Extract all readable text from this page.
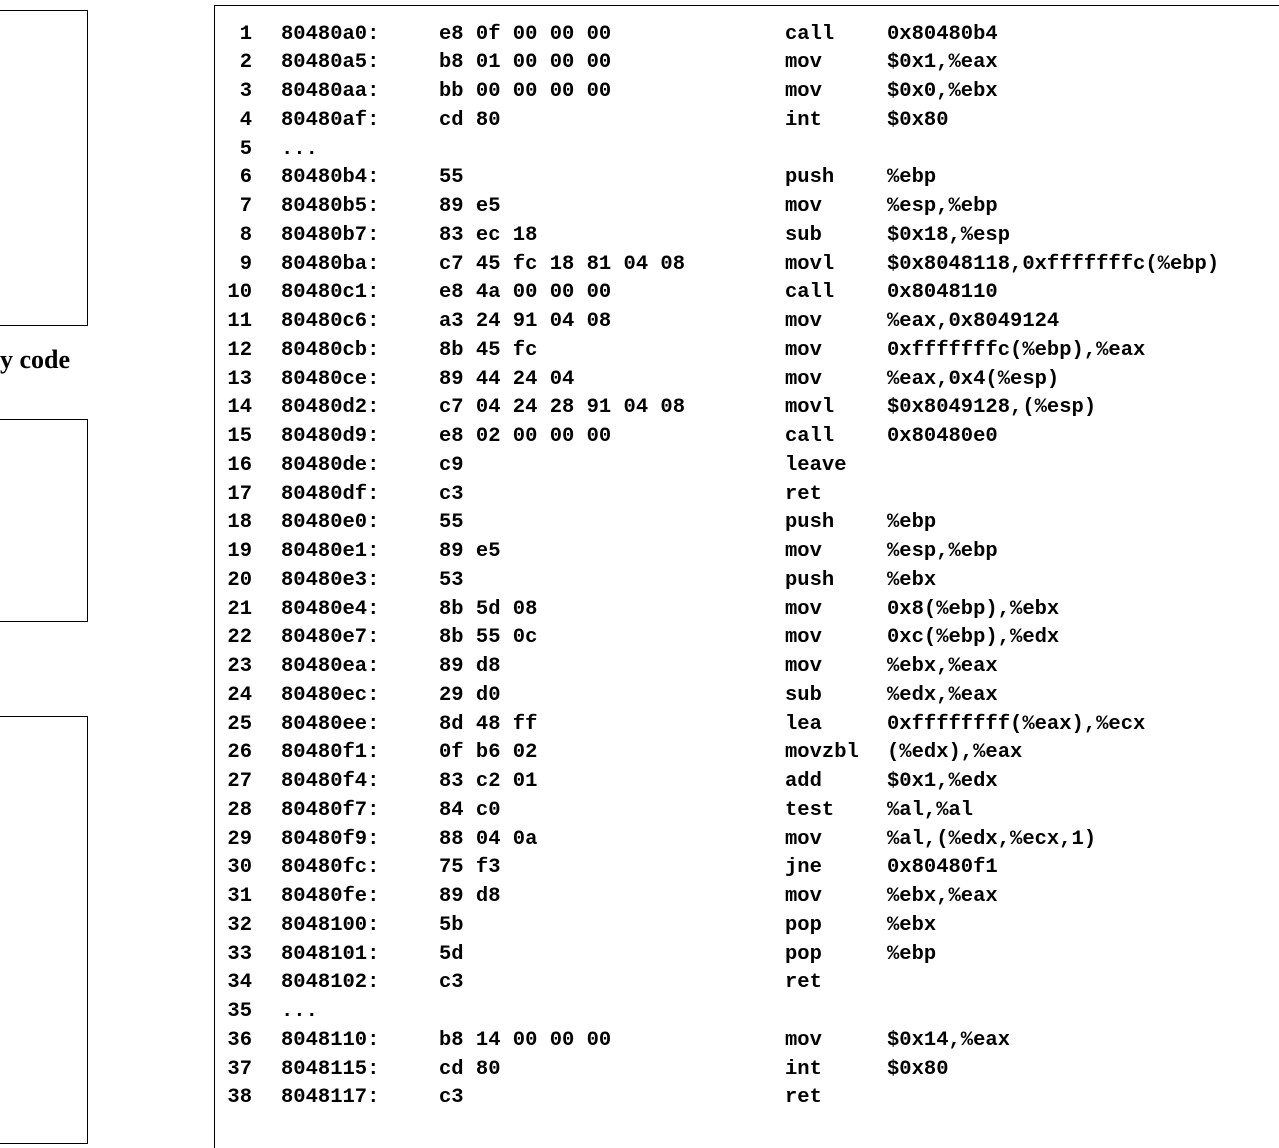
y code
1 80480a0:	e8 0f 00 00 00	call	0x80480b4
2 80480a5:	b8 01 00 00 00	mov	$0x1,%eax
3 80480aa:	bb 00 00 00 00	mov	$0x0,%ebx
4 80480af:	cd 80	int	$0x80
5 ...
6 80480b4:	55	push	%ebp
7 80480b5:	89 e5	mov	%esp,%ebp
8 80480b7:	83 ec 18	sub	$0x18,%esp
9 80480ba:	c7 45 fc 18 81 04 08	movl	$0x8048118,0xfffffffc(%ebp)
10 80480c1:	e8 4a 00 00 00	call	0x8048110
11 80480c6:	a3 24 91 04 08	mov	%eax,0x8049124
12 80480cb:	8b 45 fc	mov	0xfffffffc(%ebp),%eax
13 80480ce:	89 44 24 04	mov	%eax,0x4(%esp)
14 80480d2:	c7 04 24 28 91 04 08	movl	$0x8049128,(%esp)
15 80480d9:	e8 02 00 00 00	call	0x80480e0
16 80480de:	c9	leave
17 80480df:	c3	ret
18 80480e0:	55	push	%ebp
19 80480e1:	89 e5	mov	%esp,%ebp
20 80480e3:	53	push	%ebx
21 80480e4:	8b 5d 08	mov	0x8(%ebp),%ebx
22 80480e7:	8b 55 0c	mov	0xc(%ebp),%edx
23 80480ea:	89 d8	mov	%ebx,%eax
24 80480ec:	29 d0	sub	%edx,%eax
25 80480ee:	8d 48 ff	lea	0xffffffff(%eax),%ecx
26 80480f1:	0f b6 02	movzbl (%edx),%eax
27 80480f4:	83 c2 01	add	$0x1,%edx
28 80480f7:	84 c0	test	%al,%al
29 80480f9:	88 04 0a	mov	%al,(%edx,%ecx,1)
30 80480fc:	75 f3	jne	0x80480f1
31 80480fe:	89 d8	mov	%ebx,%eax
32 8048100:	5b	pop	%ebx
33 8048101:	5d	pop	%ebp
34 8048102:	c3	ret
35 ...
36 8048110:	b8 14 00 00 00	mov	$0x14,%eax
37 8048115:	cd 80	int	$0x80
38 8048117:	c3	ret
